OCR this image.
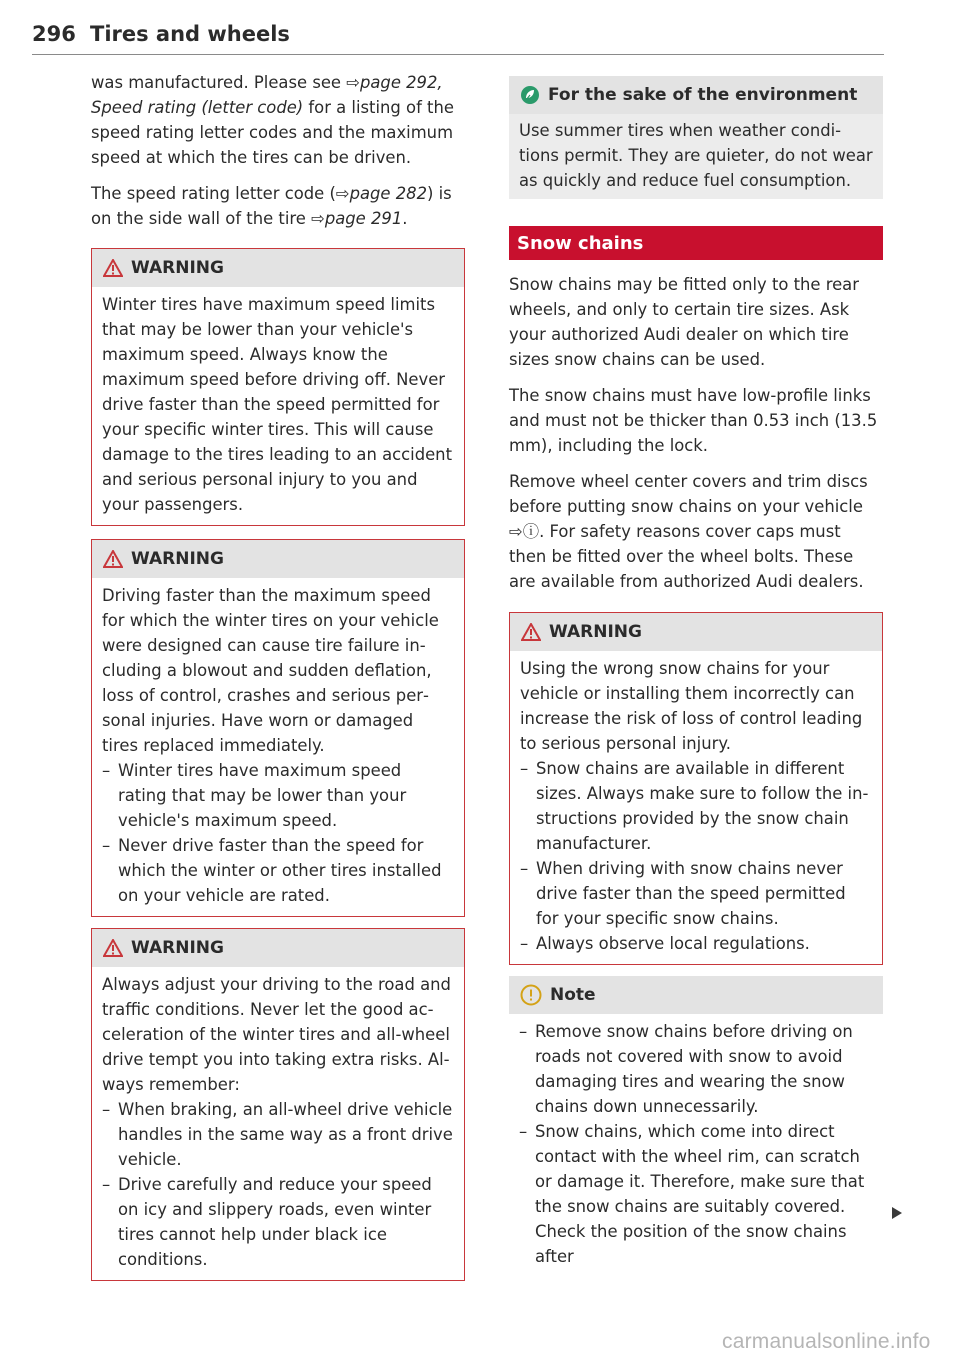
296 Tires and wheels

was manufactured. Please see ⇨page 292, Speed rating (letter code) for a listing of the speed rating letter codes and the maximum speed at which the tires can be driven.

The speed rating letter code (⇨page 282) is on the side wall of the tire ⇨page 291.

WARNING

Winter tires have maximum speed limits that may be lower than your vehicle's maximum speed. Always know the maximum speed before driving off. Never drive faster than the speed permitted for your specific winter tires. This will cause damage to the tires leading to an accident and serious personal injury to you and your passengers.

WARNING

Driving faster than the maximum speed for which the winter tires on your vehicle were designed can cause tire failure including a blowout and sudden deflation, loss of control, crashes and serious personal injuries. Have worn or damaged tires replaced immediately.

– Winter tires have maximum speed rating that may be lower than your vehicle's maximum speed.
– Never drive faster than the speed for which the winter or other tires installed on your vehicle are rated.
WARNING

Always adjust your driving to the road and traffic conditions. Never let the good acceleration of the winter tires and all-wheel drive tempt you into taking extra risks. Always remember:

– When braking, an all-wheel drive vehicle handles in the same way as a front drive vehicle.
– Drive carefully and reduce your speed on icy and slippery roads, even winter tires cannot help under black ice conditions.
For the sake of the environment

Use summer tires when weather conditions permit. They are quieter, do not wear as quickly and reduce fuel consumption.

Snow chains

Snow chains may be fitted only to the rear wheels, and only to certain tire sizes. Ask your authorized Audi dealer on which tire sizes snow chains can be used.

The snow chains must have low-profile links and must not be thicker than 0.53 inch (13.5 mm), including the lock.

Remove wheel center covers and trim discs before putting snow chains on your vehicle ⇨ⓘ. For safety reasons cover caps must then be fitted over the wheel bolts. These are available from authorized Audi dealers.

WARNING

Using the wrong snow chains for your vehicle or installing them incorrectly can increase the risk of loss of control leading to serious personal injury.

– Snow chains are available in different sizes. Always make sure to follow the instructions provided by the snow chain manufacturer.
– When driving with snow chains never drive faster than the speed permitted for your specific snow chains.
– Always observe local regulations.
Note
– Remove snow chains before driving on roads not covered with snow to avoid damaging tires and wearing the snow chains down unnecessarily.
– Snow chains, which come into direct contact with the wheel rim, can scratch or damage it. Therefore, make sure that the snow chains are suitably covered. Check the position of the snow chains after
carmanualsonline.info
